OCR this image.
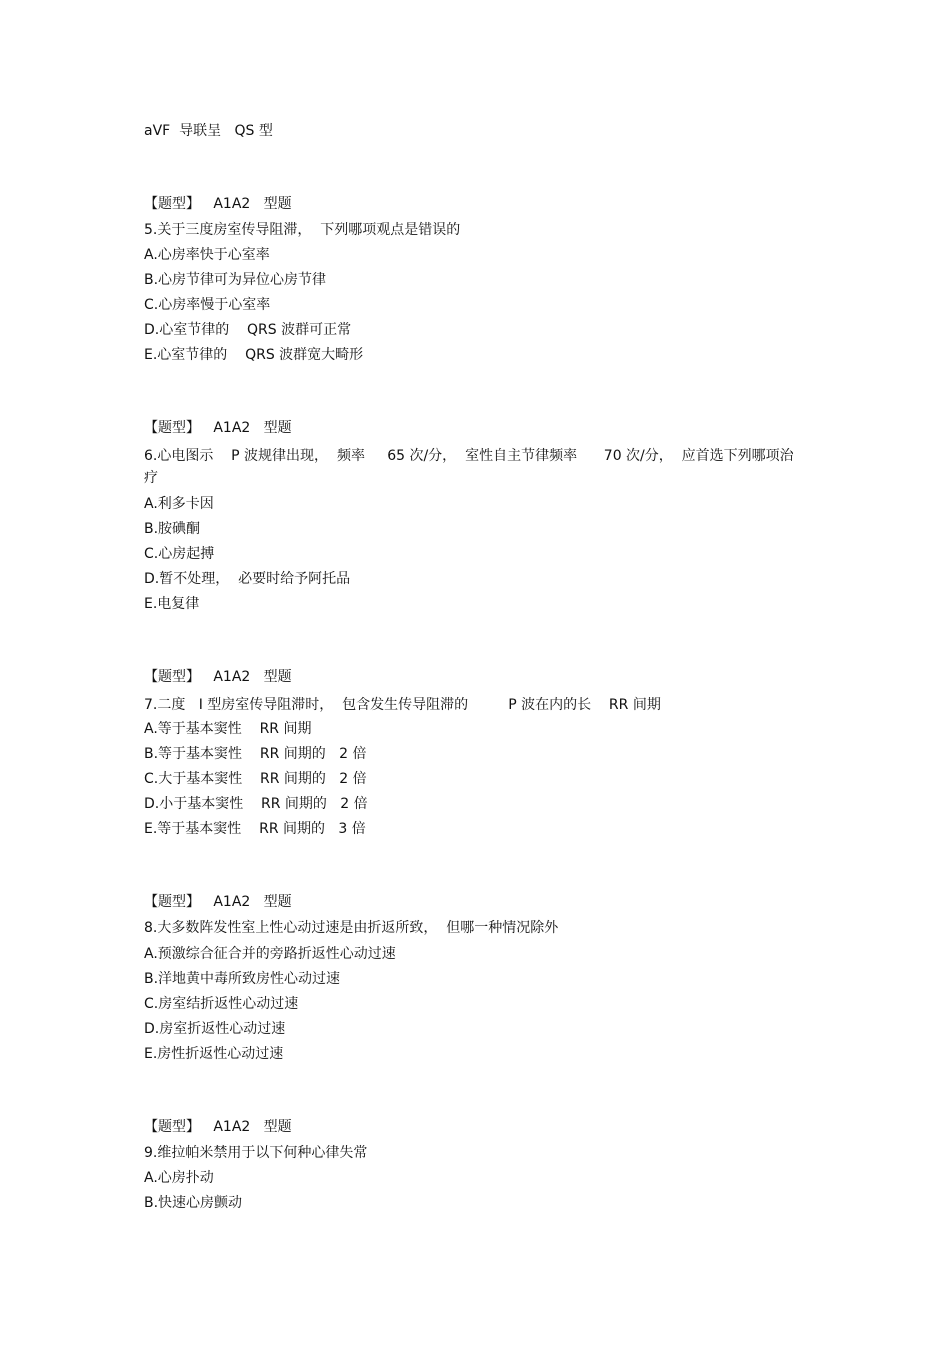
aVF  导联呈   QS 型
【题型】   A1A2   型题
5.关于三度房室传导阻滞，  下列哪项观点是错误的
A.心房率快于心室率
B.心房节律可为异位心房节律
C.心房率慢于心室率
D.心室节律的    QRS 波群可正常
E.心室节律的    QRS 波群宽大畸形
【题型】   A1A2   型题
6.心电图示    P 波规律出现，  频率     65 次/分，  室性自主节律频率      70 次/分，  应首选下列哪项治
疗
A.利多卡因
B.胺碘酮
C.心房起搏
D.暂不处理，  必要时给予阿托品
E.电复律
【题型】   A1A2   型题
7.二度   I 型房室传导阻滞时，  包含发生传导阻滞的         P 波在内的长    RR 间期
A.等于基本窦性    RR 间期
B.等于基本窦性    RR 间期的   2 倍
C.大于基本窦性    RR 间期的   2 倍
D.小于基本窦性    RR 间期的   2 倍
E.等于基本窦性    RR 间期的   3 倍
【题型】   A1A2   型题
8.大多数阵发性室上性心动过速是由折返所致，  但哪一种情况除外
A.预激综合征合并的旁路折返性心动过速
B.洋地黄中毒所致房性心动过速
C.房室结折返性心动过速
D.房室折返性心动过速
E.房性折返性心动过速
【题型】   A1A2   型题
9.维拉帕米禁用于以下何种心律失常
A.心房扑动
B.快速心房颤动
